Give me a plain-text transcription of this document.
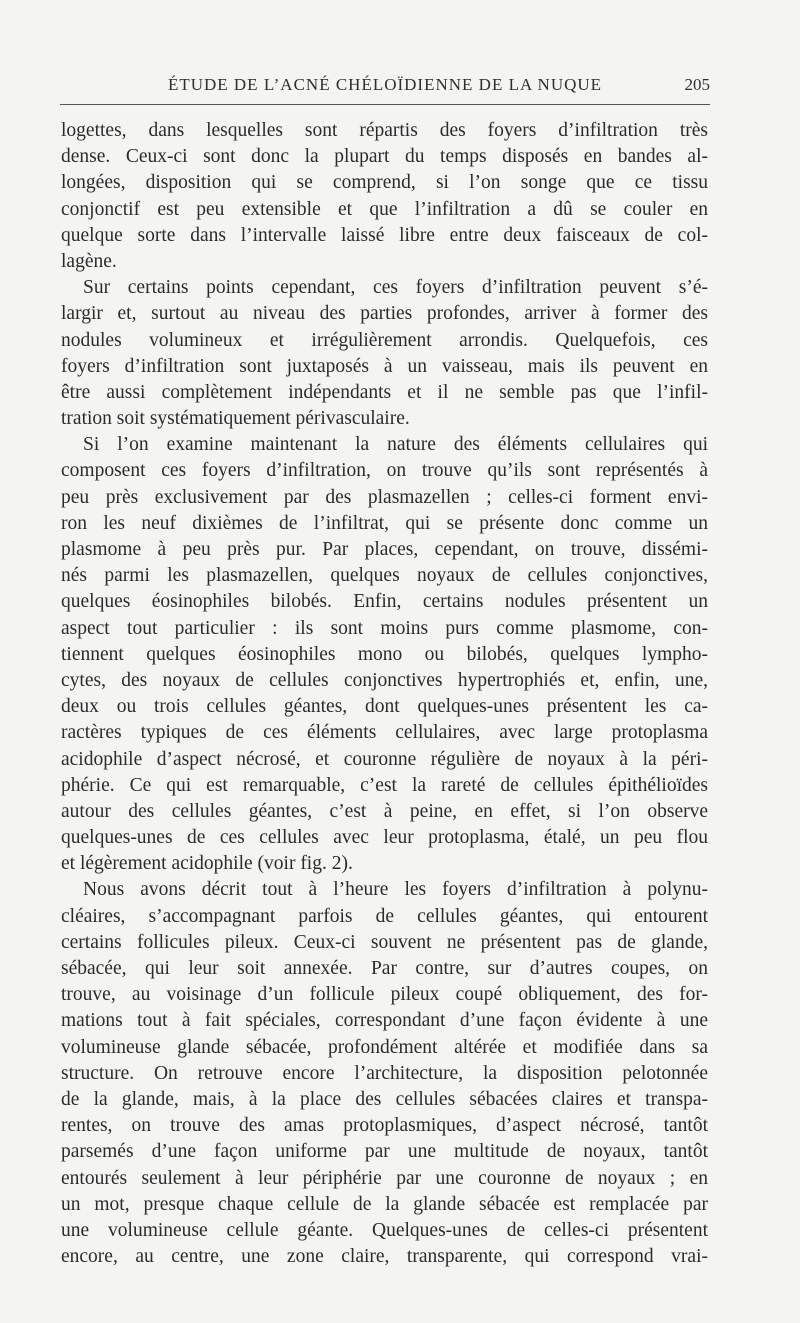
ÉTUDE DE L’ACNÉ CHÉLOÏDIENNE DE LA NUQUE	205
logettes, dans lesquelles sont répartis des foyers d’infiltration très
dense. Ceux-ci sont donc la plupart du temps disposés en bandes al-
longées, disposition qui se comprend, si l’on songe que ce tissu
conjonctif est peu extensible et que l’infiltration a dû se couler en
quelque sorte dans l’intervalle laissé libre entre deux faisceaux de col-
lagène.
Sur certains points cependant, ces foyers d’infiltration peuvent s’é-
largir et, surtout au niveau des parties profondes, arriver à former des
nodules volumineux et irrégulièrement arrondis. Quelquefois, ces
foyers d’infiltration sont juxtaposés à un vaisseau, mais ils peuvent en
être aussi complètement indépendants et il ne semble pas que l’infil-
tration soit systématiquement périvasculaire.
Si l’on examine maintenant la nature des éléments cellulaires qui
composent ces foyers d’infiltration, on trouve qu’ils sont représentés à
peu près exclusivement par des plasmazellen ; celles-ci forment envi-
ron les neuf dixièmes de l’infiltrat, qui se présente donc comme un
plasmome à peu près pur. Par places, cependant, on trouve, dissémi-
nés parmi les plasmazellen, quelques noyaux de cellules conjonctives,
quelques éosinophiles bilobés. Enfin, certains nodules présentent un
aspect tout particulier : ils sont moins purs comme plasmome, con-
tiennent quelques éosinophiles mono ou bilobés, quelques lympho-
cytes, des noyaux de cellules conjonctives hypertrophiés et, enfin, une,
deux ou trois cellules géantes, dont quelques-unes présentent les ca-
ractères typiques de ces éléments cellulaires, avec large protoplasma
acidophile d’aspect nécrosé, et couronne régulière de noyaux à la péri-
phérie. Ce qui est remarquable, c’est la rareté de cellules épithélioïdes
autour des cellules géantes, c’est à peine, en effet, si l’on observe
quelques-unes de ces cellules avec leur protoplasma, étalé, un peu flou
et légèrement acidophile (voir fig. 2).
Nous avons décrit tout à l’heure les foyers d’infiltration à polynu-
cléaires, s’accompagnant parfois de cellules géantes, qui entourent
certains follicules pileux. Ceux-ci souvent ne présentent pas de glande,
sébacée, qui leur soit annexée. Par contre, sur d’autres coupes, on
trouve, au voisinage d’un follicule pileux coupé obliquement, des for-
mations tout à fait spéciales, correspondant d’une façon évidente à une
volumineuse glande sébacée, profondément altérée et modifiée dans sa
structure. On retrouve encore l’architecture, la disposition pelotonnée
de la glande, mais, à la place des cellules sébacées claires et transpa-
rentes, on trouve des amas protoplasmiques, d’aspect nécrosé, tantôt
parsemés d’une façon uniforme par une multitude de noyaux, tantôt
entourés seulement à leur périphérie par une couronne de noyaux ; en
un mot, presque chaque cellule de la glande sébacée est remplacée par
une volumineuse cellule géante. Quelques-unes de celles-ci présentent
encore, au centre, une zone claire, transparente, qui correspond vrai-
